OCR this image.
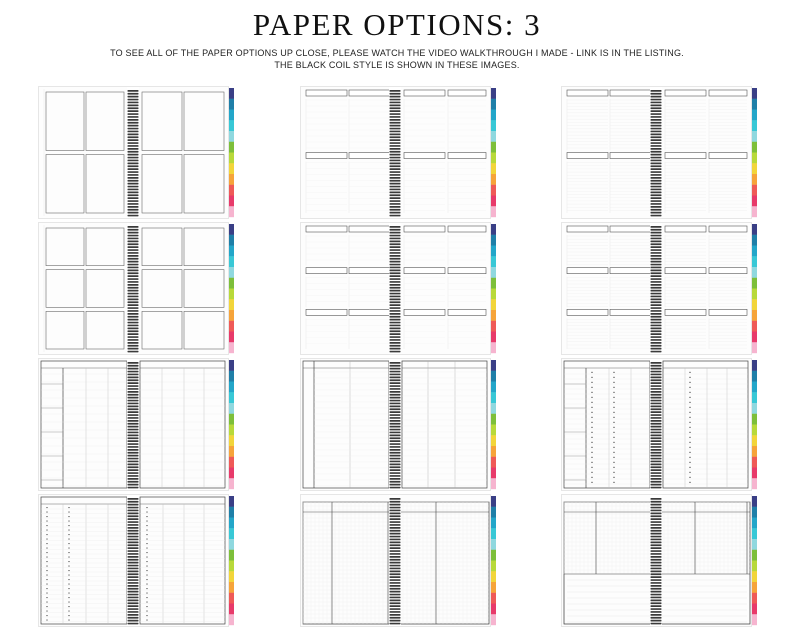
PAPER OPTIONS: 3
TO SEE ALL OF THE PAPER OPTIONS UP CLOSE, PLEASE WATCH THE VIDEO WALKTHROUGH I MADE - LINK IS IN THE LISTING.
THE BLACK COIL STYLE IS SHOWN IN THESE IMAGES.
